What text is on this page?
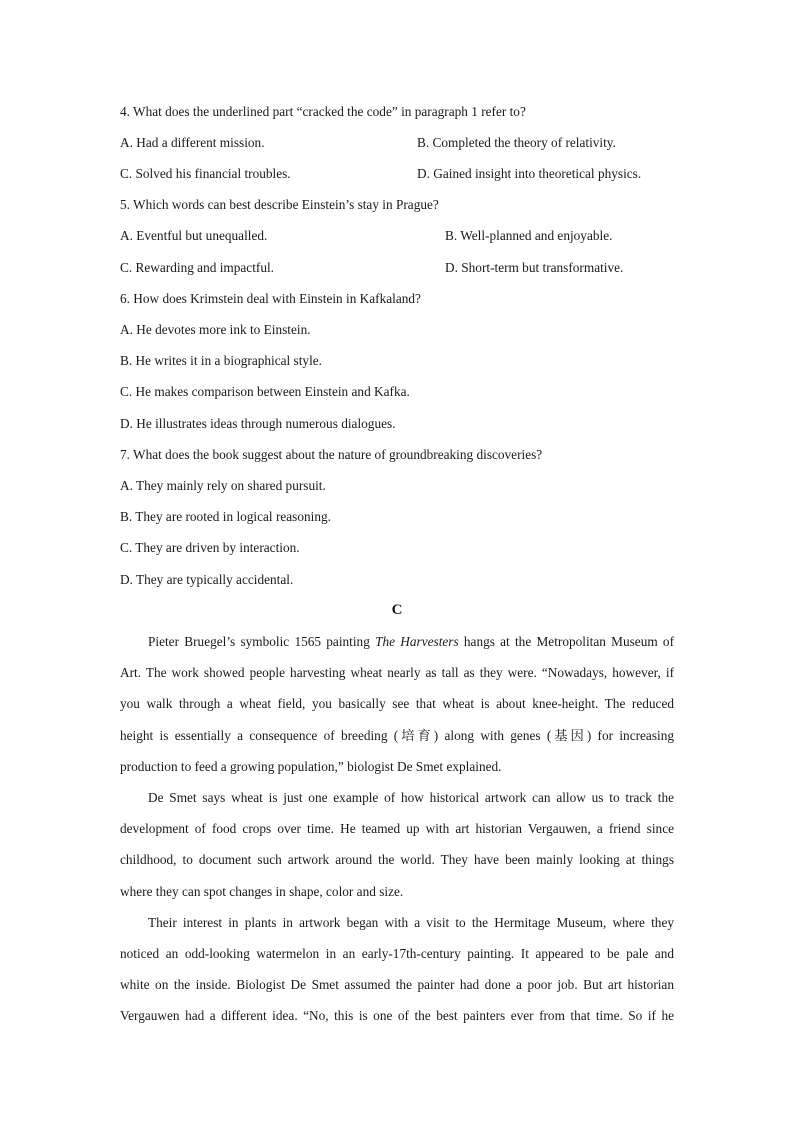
4. What does the underlined part “cracked the code” in paragraph 1 refer to?
A. Had a different mission.	B. Completed the theory of relativity.
C. Solved his financial troubles.	D. Gained insight into theoretical physics.
5. Which words can best describe Einstein’s stay in Prague?
A. Eventful but unequalled.	B. Well-planned and enjoyable.
C. Rewarding and impactful.	D. Short-term but transformative.
6. How does Krimstein deal with Einstein in Kafkaland?
A. He devotes more ink to Einstein.
B. He writes it in a biographical style.
C. He makes comparison between Einstein and Kafka.
D. He illustrates ideas through numerous dialogues.
7. What does the book suggest about the nature of groundbreaking discoveries?
A. They mainly rely on shared pursuit.
B. They are rooted in logical reasoning.
C. They are driven by interaction.
D. They are typically accidental.
C
Pieter Bruegel’s symbolic 1565 painting The Harvesters hangs at the Metropolitan Museum of
Art. The work showed people harvesting wheat nearly as tall as they were. “Nowadays, however, if
you walk through a wheat field, you basically see that wheat is about knee-height. The reduced
height is essentially a consequence of breeding (培育) along with genes (基因) for increasing
production to feed a growing population,” biologist De Smet explained.
De Smet says wheat is just one example of how historical artwork can allow us to track the
development of food crops over time. He teamed up with art historian Vergauwen, a friend since
childhood, to document such artwork around the world. They have been mainly looking at things
where they can spot changes in shape, color and size.
Their interest in plants in artwork began with a visit to the Hermitage Museum, where they
noticed an odd-looking watermelon in an early-17th-century painting. It appeared to be pale and
white on the inside. Biologist De Smet assumed the painter had done a poor job. But art historian
Vergauwen had a different idea. “No, this is one of the best painters ever from that time. So if he
